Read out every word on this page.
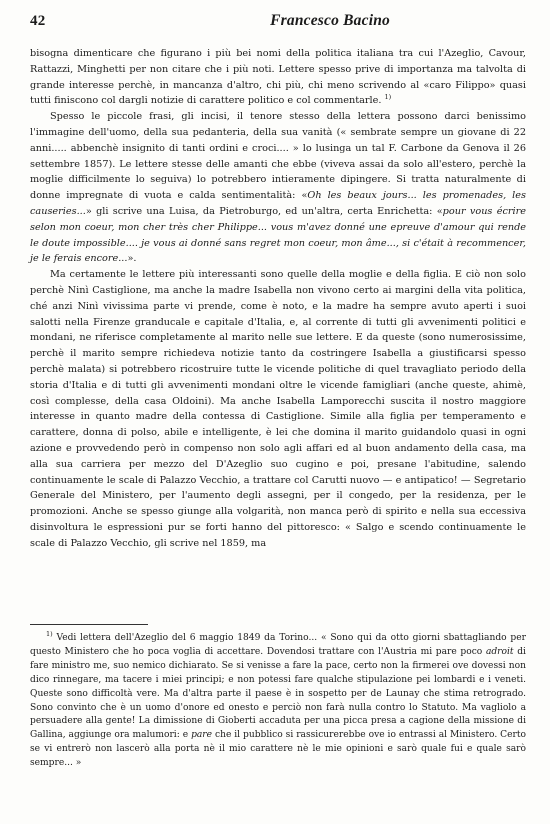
42	Francesco Bacino

bisogna dimenticare che figurano i più bei nomi della politica italiana tra cui l'Azeglio, Cavour, Rattazzi, Minghetti per non citare che i più noti. Lettere spesso prive di importanza ma talvolta di grande interesse perchè, in mancanza d'altro, chi più, chi meno scrivendo al «caro Filippo» quasi tutti finiscono col dargli notizie di carattere politico e col commentarle. $^{1)}$

Spesso le piccole frasi, gli incisi, il tenore stesso della lettera possono darci benissimo l'immagine dell'uomo, della sua pedanteria, della sua vanità (« sembrate sempre un giovane di 22 anni..... abbenchè insignito di tanti ordini e croci.... » lo lusinga un tal F. Carbone da Genova il 26 settembre 1857). Le lettere stesse delle amanti che ebbe (viveva assai da solo all'estero, perchè la moglie difficilmente lo seguiva) lo potrebbero intieramente dipingere. Si tratta naturalmente di donne impregnate di vuota e calda sentimentalità: «Oh les beaux jours... les promenades, les causeries...» gli scrive una Luisa, da Pietroburgo, ed un'altra, certa Enrichetta: «pour vous écrire selon mon coeur, mon cher très cher Philippe... vous m'avez donné une epreuve d'amour qui rende le doute impossible.... je vous ai donné sans regret mon coeur, mon âme..., si c'était à recommencer, je le ferais encore...».

Ma certamente le lettere più interessanti sono quelle della moglie e della figlia. E ciò non solo perchè Ninì Castiglione, ma anche la madre Isabella non vivono certo ai margini della vita politica, ché anzi Ninì vivissima parte vi prende, come è noto, e la madre ha sempre avuto aperti i suoi salotti nella Firenze granducale e capitale d'Italia, e, al corrente di tutti gli avvenimenti politici e mondani, ne riferisce completamente al marito nelle sue lettere. E da queste (sono numerosissime, perchè il marito sempre richiedeva notizie tanto da costringere Isabella a giustificarsi spesso perchè malata) si potrebbero ricostruire tutte le vicende politiche di quel travagliato periodo della storia d'Italia e di tutti gli avvenimenti mondani oltre le vicende famigliari (anche queste, ahimè, così complesse, della casa Oldoini). Ma anche Isabella Lamporecchi suscita il nostro maggiore interesse in quanto madre della contessa di Castiglione. Simile alla figlia per temperamento e carattere, donna di polso, abile e intelligente, è lei che domina il marito guidandolo quasi in ogni azione e provvedendo però in compenso non solo agli affari ed al buon andamento della casa, ma alla sua carriera per mezzo del D'Azeglio suo cugino e poi, presane l'abitudine, salendo continuamente le scale di Palazzo Vecchio, a trattare col Carutti nuovo — e antipatico! — Segretario Generale del Ministero, per l'aumento degli assegni, per il congedo, per la residenza, per le promozioni. Anche se spesso giunge alla volgarità, non manca però di spirito e nella sua eccessiva disinvoltura le espressioni pur se forti hanno del pittoresco: « Salgo e scendo continuamente le scale di Palazzo Vecchio, gli scrive nel 1859, ma

$^{1)}$ Vedi lettera dell'Azeglio del 6 maggio 1849 da Torino... « Sono qui da otto giorni sbattagliando per questo Ministero che ho poca voglia di accettare. Dovendosi trattare con l'Austria mi pare poco adroit di fare ministro me, suo nemico dichiarato. Se si venisse a fare la pace, certo non la firmerei ove dovessi non dico rinnegare, ma tacere i miei principi; e non potessi fare qualche stipulazione pei lombardi e i veneti. Queste sono difficoltà vere. Ma d'altra parte il paese è in sospetto per de Launay che stima retrogrado. Sono convinto che è un uomo d'onore ed onesto e perciò non farà nulla contro lo Statuto. Ma vagliolo a persuadere alla gente! La dimissione di Gioberti accaduta per una picca presa a cagione della missione di Gallina, aggiunge ora malumori: e pare che il pubblico si rassicurerebbe ove io entrassi al Ministero. Certo se vi entrerò non lascerò alla porta nè il mio carattere nè le mie opinioni e sarò quale fui e quale sarò sempre... »
